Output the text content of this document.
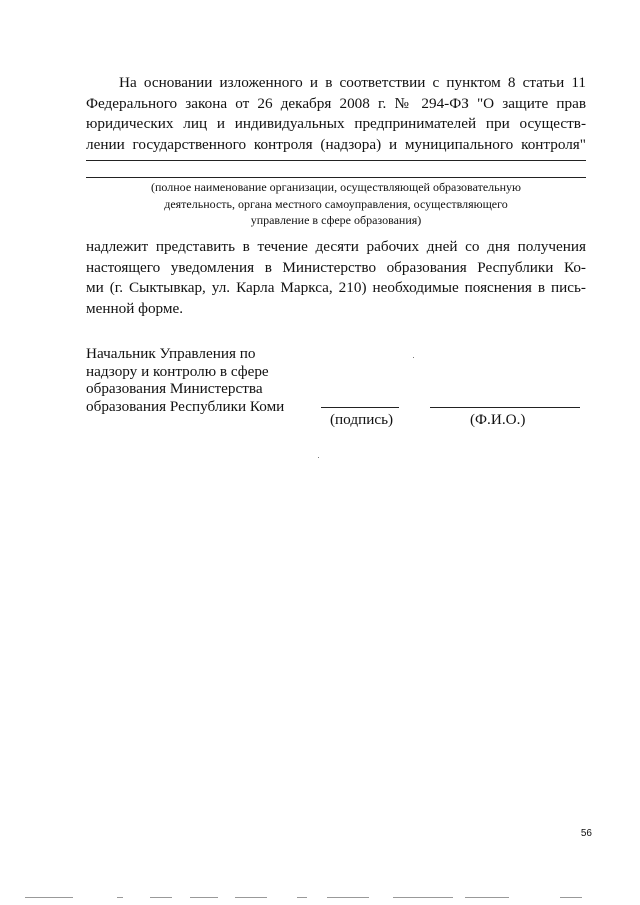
На основании изложенного и в соответствии с пунктом 8 статьи 11
Федерального закона от 26 декабря 2008 г. № 294-ФЗ "О защите прав
юридических лиц и индивидуальных предпринимателей при осуществ-
лении государственного контроля (надзора) и муниципального контроля"
(полное наименование организации, осуществляющей образовательную
деятельность, органа местного самоуправления, осуществляющего
управление в сфере образования)
надлежит представить в течение десяти рабочих дней со дня получения
настоящего уведомления в Министерство образования Республики Ко-
ми (г. Сыктывкар, ул. Карла Маркса, 210) необходимые пояснения в пись-
менной форме.
Начальник Управления по
надзору и контролю в сфере
образования Министерства
образования Республики Коми
(подпись)	(Ф.И.О.)
56
